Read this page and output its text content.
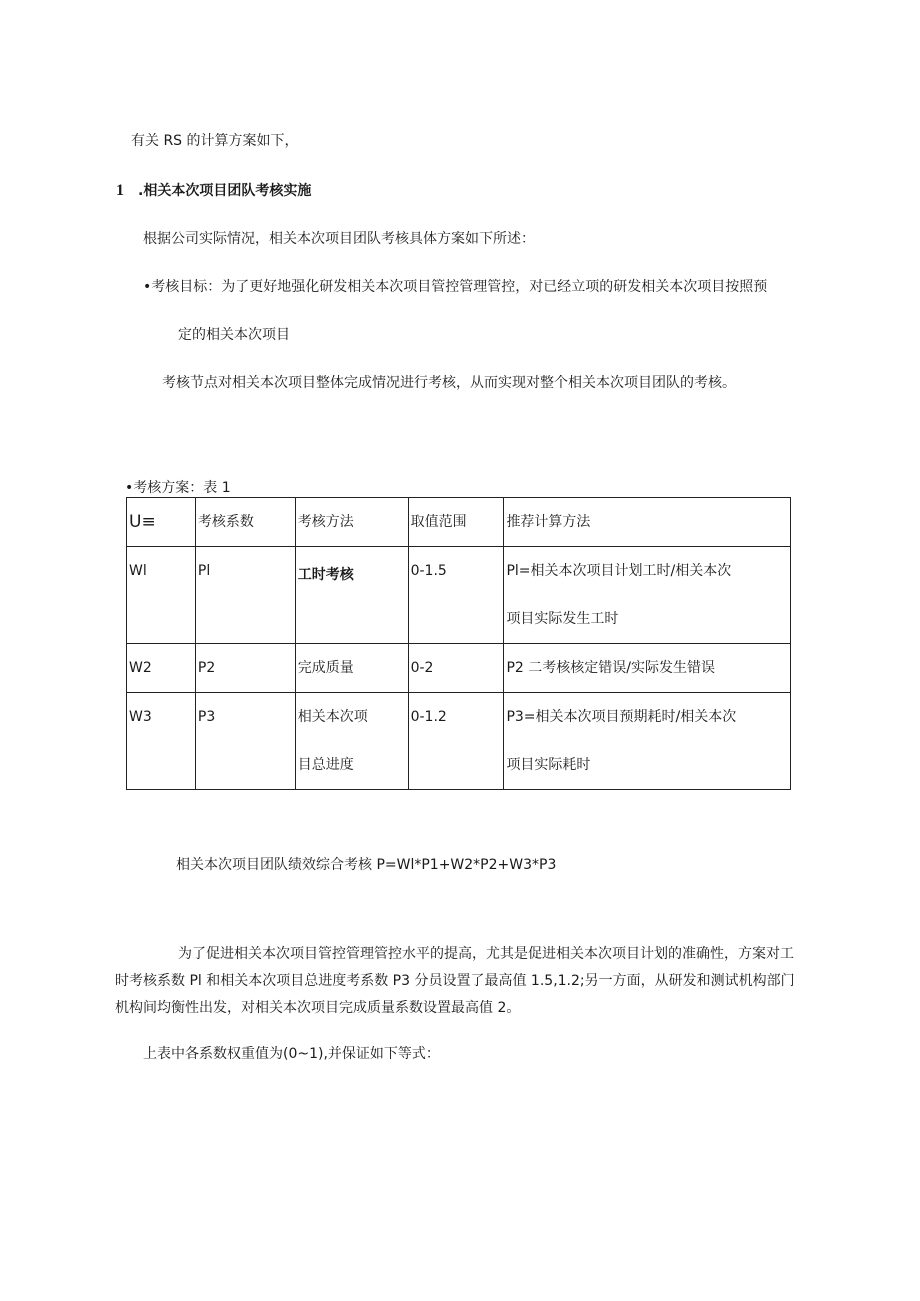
有关 RS 的计算方案如下，
1 .相关本次项目团队考核实施
根据公司实际情况，相关本次项目团队考核具体方案如下所述：
•考核目标：为了更好地强化研发相关本次项目管控管理管控，对已经立项的研发相关本次项目按照预
定的相关本次项目
考核节点对相关本次项目整体完成情况进行考核，从而实现对整个相关本次项目团队的考核。
•考核方案：表 1
U≡	考核系数	考核方法	取值范围	推荐计算方法

Wl	Pl	工时考核	0-1.5	Pl=相关本次项目计划工时/相关本次
项目实际发生工时

W2	P2	完成质量	0-2	P2 二考核核定错误/实际发生错误

W3	P3	相关本次项
目总进度	0-1.2	P3=相关本次项目预期耗时/相关本次
项目实际耗时
相关本次项目团队绩效综合考核 P=Wl*P1+W2*P2+W3*P3
为了促进相关本次项目管控管理管控水平的提高，尤其是促进相关本次项目计划的准确性，方案对工时考核系数 Pl 和相关本次项目总进度考系数 P3 分员设置了最高值 1.5,1.2;另一方面，从研发和测试机构部门机构间均衡性出发，对相关本次项目完成质量系数设置最高值 2。
上表中各系数权重值为(0~1),并保证如下等式：
